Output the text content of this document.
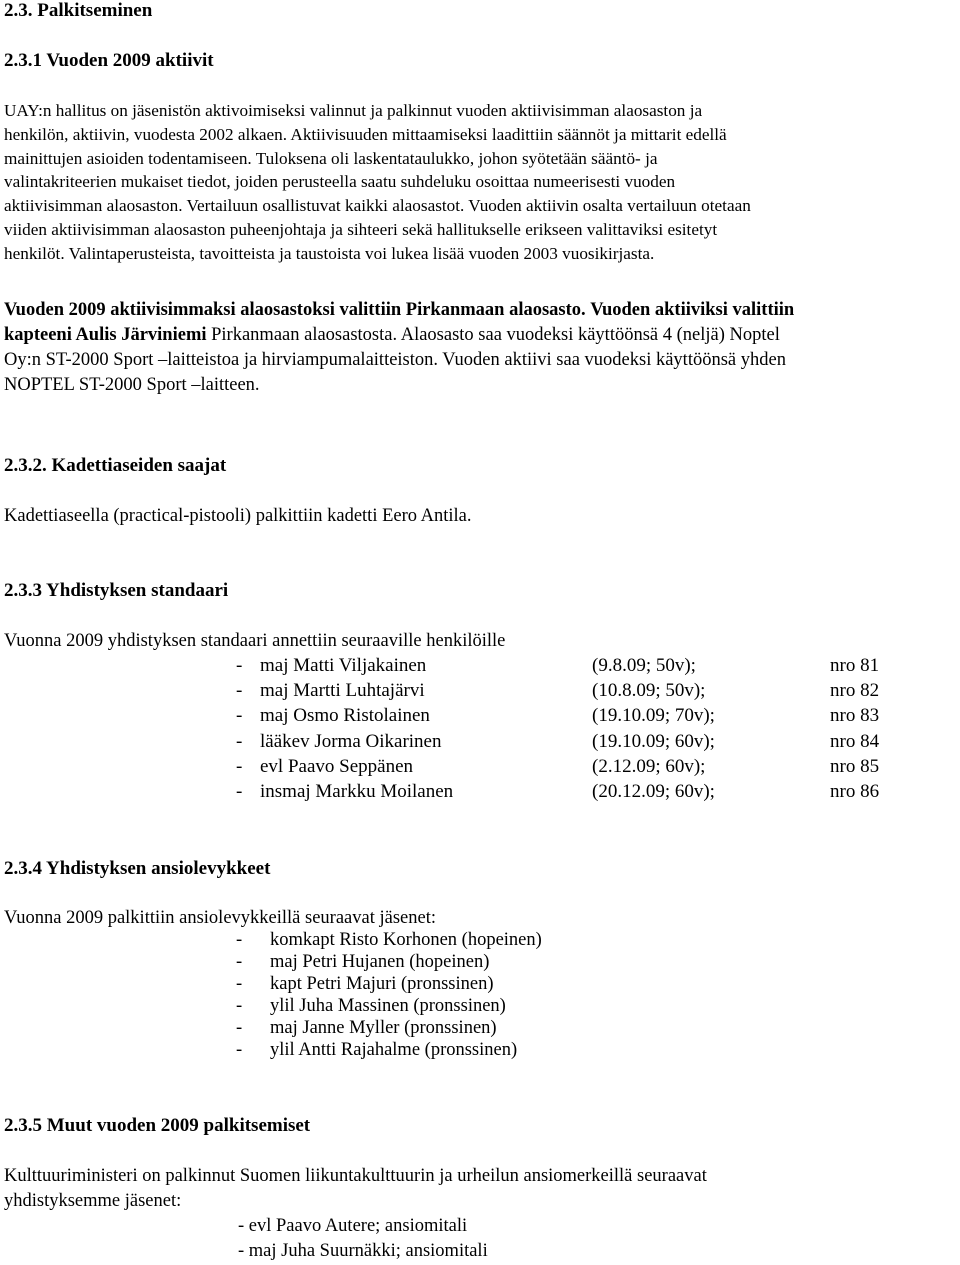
2.3. Palkitseminen
2.3.1 Vuoden 2009 aktiivit
UAY:n hallitus on jäsenistön aktivoimiseksi valinnut ja palkinnut vuoden aktiivisimman alaosaston ja
henkilön, aktiivin, vuodesta 2002 alkaen. Aktiivisuuden mittaamiseksi laadittiin säännöt ja mittarit edellä
mainittujen asioiden todentamiseen. Tuloksena oli laskentataulukko, johon syötetään sääntö- ja
valintakriteerien mukaiset tiedot, joiden perusteella saatu suhdeluku osoittaa numeerisesti vuoden
aktiivisimman alaosaston. Vertailuun osallistuvat kaikki alaosastot. Vuoden aktiivin osalta vertailuun otetaan
viiden aktiivisimman alaosaston puheenjohtaja ja sihteeri sekä hallitukselle erikseen valittaviksi esitetyt
henkilöt. Valintaperusteista, tavoitteista ja taustoista voi lukea lisää vuoden 2003 vuosikirjasta.
Vuoden 2009 aktiivisimmaksi alaosastoksi valittiin Pirkanmaan alaosasto. Vuoden aktiiviksi valittiin
kapteeni Aulis Järviniemi Pirkanmaan alaosastosta. Alaosasto saa vuodeksi käyttöönsä 4 (neljä) Noptel
Oy:n ST-2000 Sport –laitteistoa ja hirviampumalaitteiston. Vuoden aktiivi saa vuodeksi käyttöönsä yhden
NOPTEL ST-2000 Sport –laitteen.
2.3.2. Kadettiaseiden saajat
Kadettiaseella (practical-pistooli) palkittiin kadetti Eero Antila.
2.3.3 Yhdistyksen standaari
Vuonna 2009 yhdistyksen standaari annettiin seuraaville henkilöille
- maj Matti Viljakainen	(9.8.09; 50v);	nro 81
- maj Martti Luhtajärvi	(10.8.09; 50v);	nro 82
- maj Osmo Ristolainen	(19.10.09; 70v);	nro 83
- lääkev Jorma Oikarinen	(19.10.09; 60v);	nro 84
- evl Paavo Seppänen	(2.12.09; 60v);	nro 85
- insmaj Markku Moilanen	(20.12.09; 60v);	nro 86
2.3.4 Yhdistyksen ansiolevykkeet
Vuonna 2009 palkittiin ansiolevykkeillä seuraavat jäsenet:
- komkapt Risto Korhonen (hopeinen)
- maj Petri Hujanen (hopeinen)
- kapt Petri Majuri (pronssinen)
- ylil Juha Massinen (pronssinen)
- maj Janne Myller (pronssinen)
- ylil Antti Rajahalme (pronssinen)
2.3.5 Muut vuoden 2009 palkitsemiset
Kulttuuriministeri on palkinnut Suomen liikuntakulttuurin ja urheilun ansiomerkeillä seuraavat
yhdistyksemme jäsenet:
- evl Paavo Autere; ansiomitali
- maj Juha Suurnäkki; ansiomitali
